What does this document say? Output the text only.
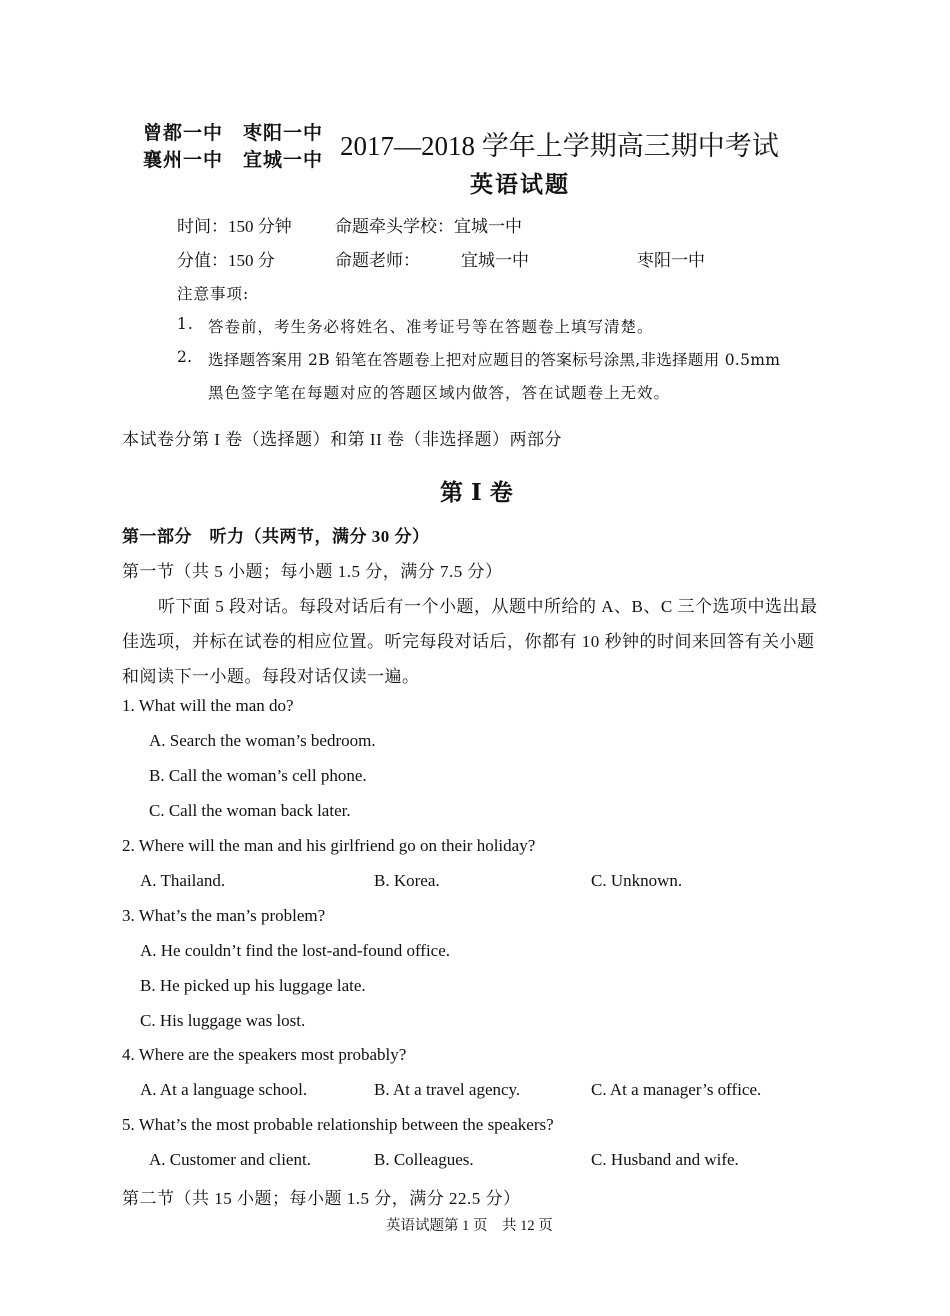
曾都一中　枣阳一中
襄州一中　宜城一中 2017—2018 学年上学期高三期中考试
英语试题
时间：150 分钟	命题牵头学校：宜城一中
分值：150 分	命题老师： 宜城一中	枣阳一中
注意事项:
1. 答卷前，考生务必将姓名、准考证号等在答题卷上填写清楚。
2. 选择题答案用 2B 铅笔在答题卷上把对应题目的答案标号涂黑,非选择题用 0.5mm
黑色签字笔在每题对应的答题区域内做答，答在试题卷上无效。
本试卷分第 I 卷（选择题）和第 II 卷（非选择题）两部分
第 I 卷
第一部分　听力（共两节，满分 30 分）
第一节（共 5 小题；每小题 1.5 分，满分 7.5 分）
听下面 5 段对话。每段对话后有一个小题，从题中所给的 A、B、C 三个选项中选出最
佳选项，并标在试卷的相应位置。听完每段对话后，你都有 10 秒钟的时间来回答有关小题
和阅读下一小题。每段对话仅读一遍。
1. What will the man do?
A. Search the woman’s bedroom.
B. Call the woman’s cell phone.
C. Call the woman back later.
2. Where will the man and his girlfriend go on their holiday?
A. Thailand.	B. Korea.	C. Unknown.
3. What’s the man’s problem?
A. He couldn’t find the lost-and-found office.
B. He picked up his luggage late.
C. His luggage was lost.
4. Where are the speakers most probably?
A. At a language school.	B. At a travel agency.	C. At a manager’s office.
5. What’s the most probable relationship between the speakers?
A. Customer and client.	B. Colleagues.	C. Husband and wife.
第二节（共 15 小题；每小题 1.5 分，满分 22.5 分）
英语试题第 1 页　共 12 页
